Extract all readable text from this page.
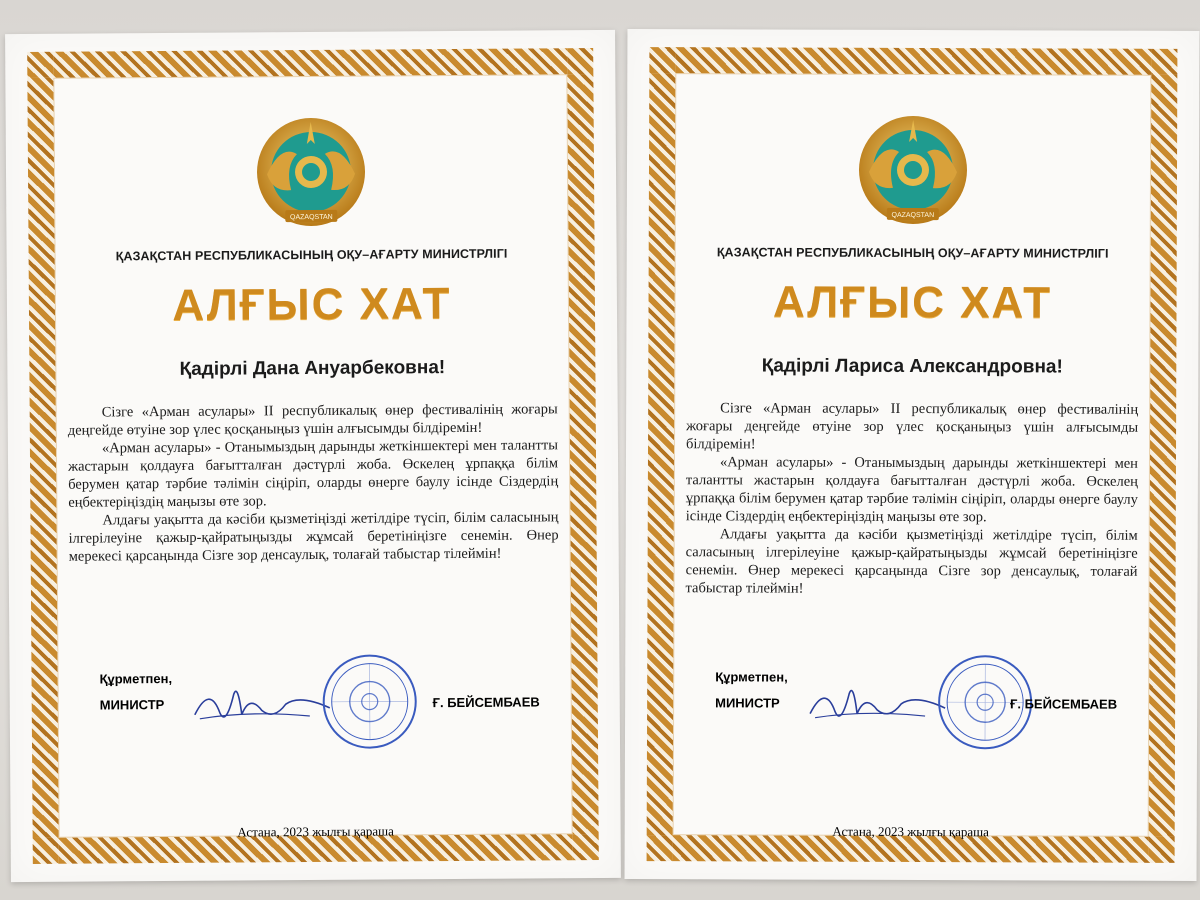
QAZAQSTAN
ҚАЗАҚСТАН РЕСПУБЛИКАСЫНЫҢ ОҚУ–АҒАРТУ МИНИСТРЛІГІ
АЛҒЫС ХАТ
Қадірлі Дана Ануарбековна!

Сізге «Арман асулары» II республикалық өнер фестивалінің жоғары деңгейде өтуіне зор үлес қосқаныңыз үшін алғысымды білдіремін!

«Арман асулары» - Отанымыздың дарынды жеткіншектері мен талантты жастарын қолдауға бағытталған дәстүрлі жоба. Өскелең ұрпаққа білім берумен қатар тәрбие тәлімін сіңіріп, оларды өнерге баулу ісінде Сіздердің еңбектеріңіздің маңызы өте зор.

Алдағы уақытта да кәсіби қызметіңізді жетілдіре түсіп, білім саласының ілгерілеуіне қажыр-қайратыңызды жұмсай беретініңізге сенемін. Өнер мерекесі қарсаңында Сізге зор денсаулық, толағай табыстар тілеймін!

Құрметпен,
МИНИСТР	Ғ. БЕЙСЕМБАЕВ
Астана, 2023 жылғы қараша
QAZAQSTAN
ҚАЗАҚСТАН РЕСПУБЛИКАСЫНЫҢ ОҚУ–АҒАРТУ МИНИСТРЛІГІ
АЛҒЫС ХАТ
Қадірлі Лариса Александровна!

Сізге «Арман асулары» II республикалық өнер фестивалінің жоғары деңгейде өтуіне зор үлес қосқаныңыз үшін алғысымды білдіремін!

«Арман асулары» - Отанымыздың дарынды жеткіншектері мен талантты жастарын қолдауға бағытталған дәстүрлі жоба. Өскелең ұрпаққа білім берумен қатар тәрбие тәлімін сіңіріп, оларды өнерге баулу ісінде Сіздердің еңбектеріңіздің маңызы өте зор.

Алдағы уақытта да кәсіби қызметіңізді жетілдіре түсіп, білім саласының ілгерілеуіне қажыр-қайратыңызды жұмсай беретініңізге сенемін. Өнер мерекесі қарсаңында Сізге зор денсаулық, толағай табыстар тілеймін!

Құрметпен,
МИНИСТР	Ғ. БЕЙСЕМБАЕВ
Астана, 2023 жылғы қараша
